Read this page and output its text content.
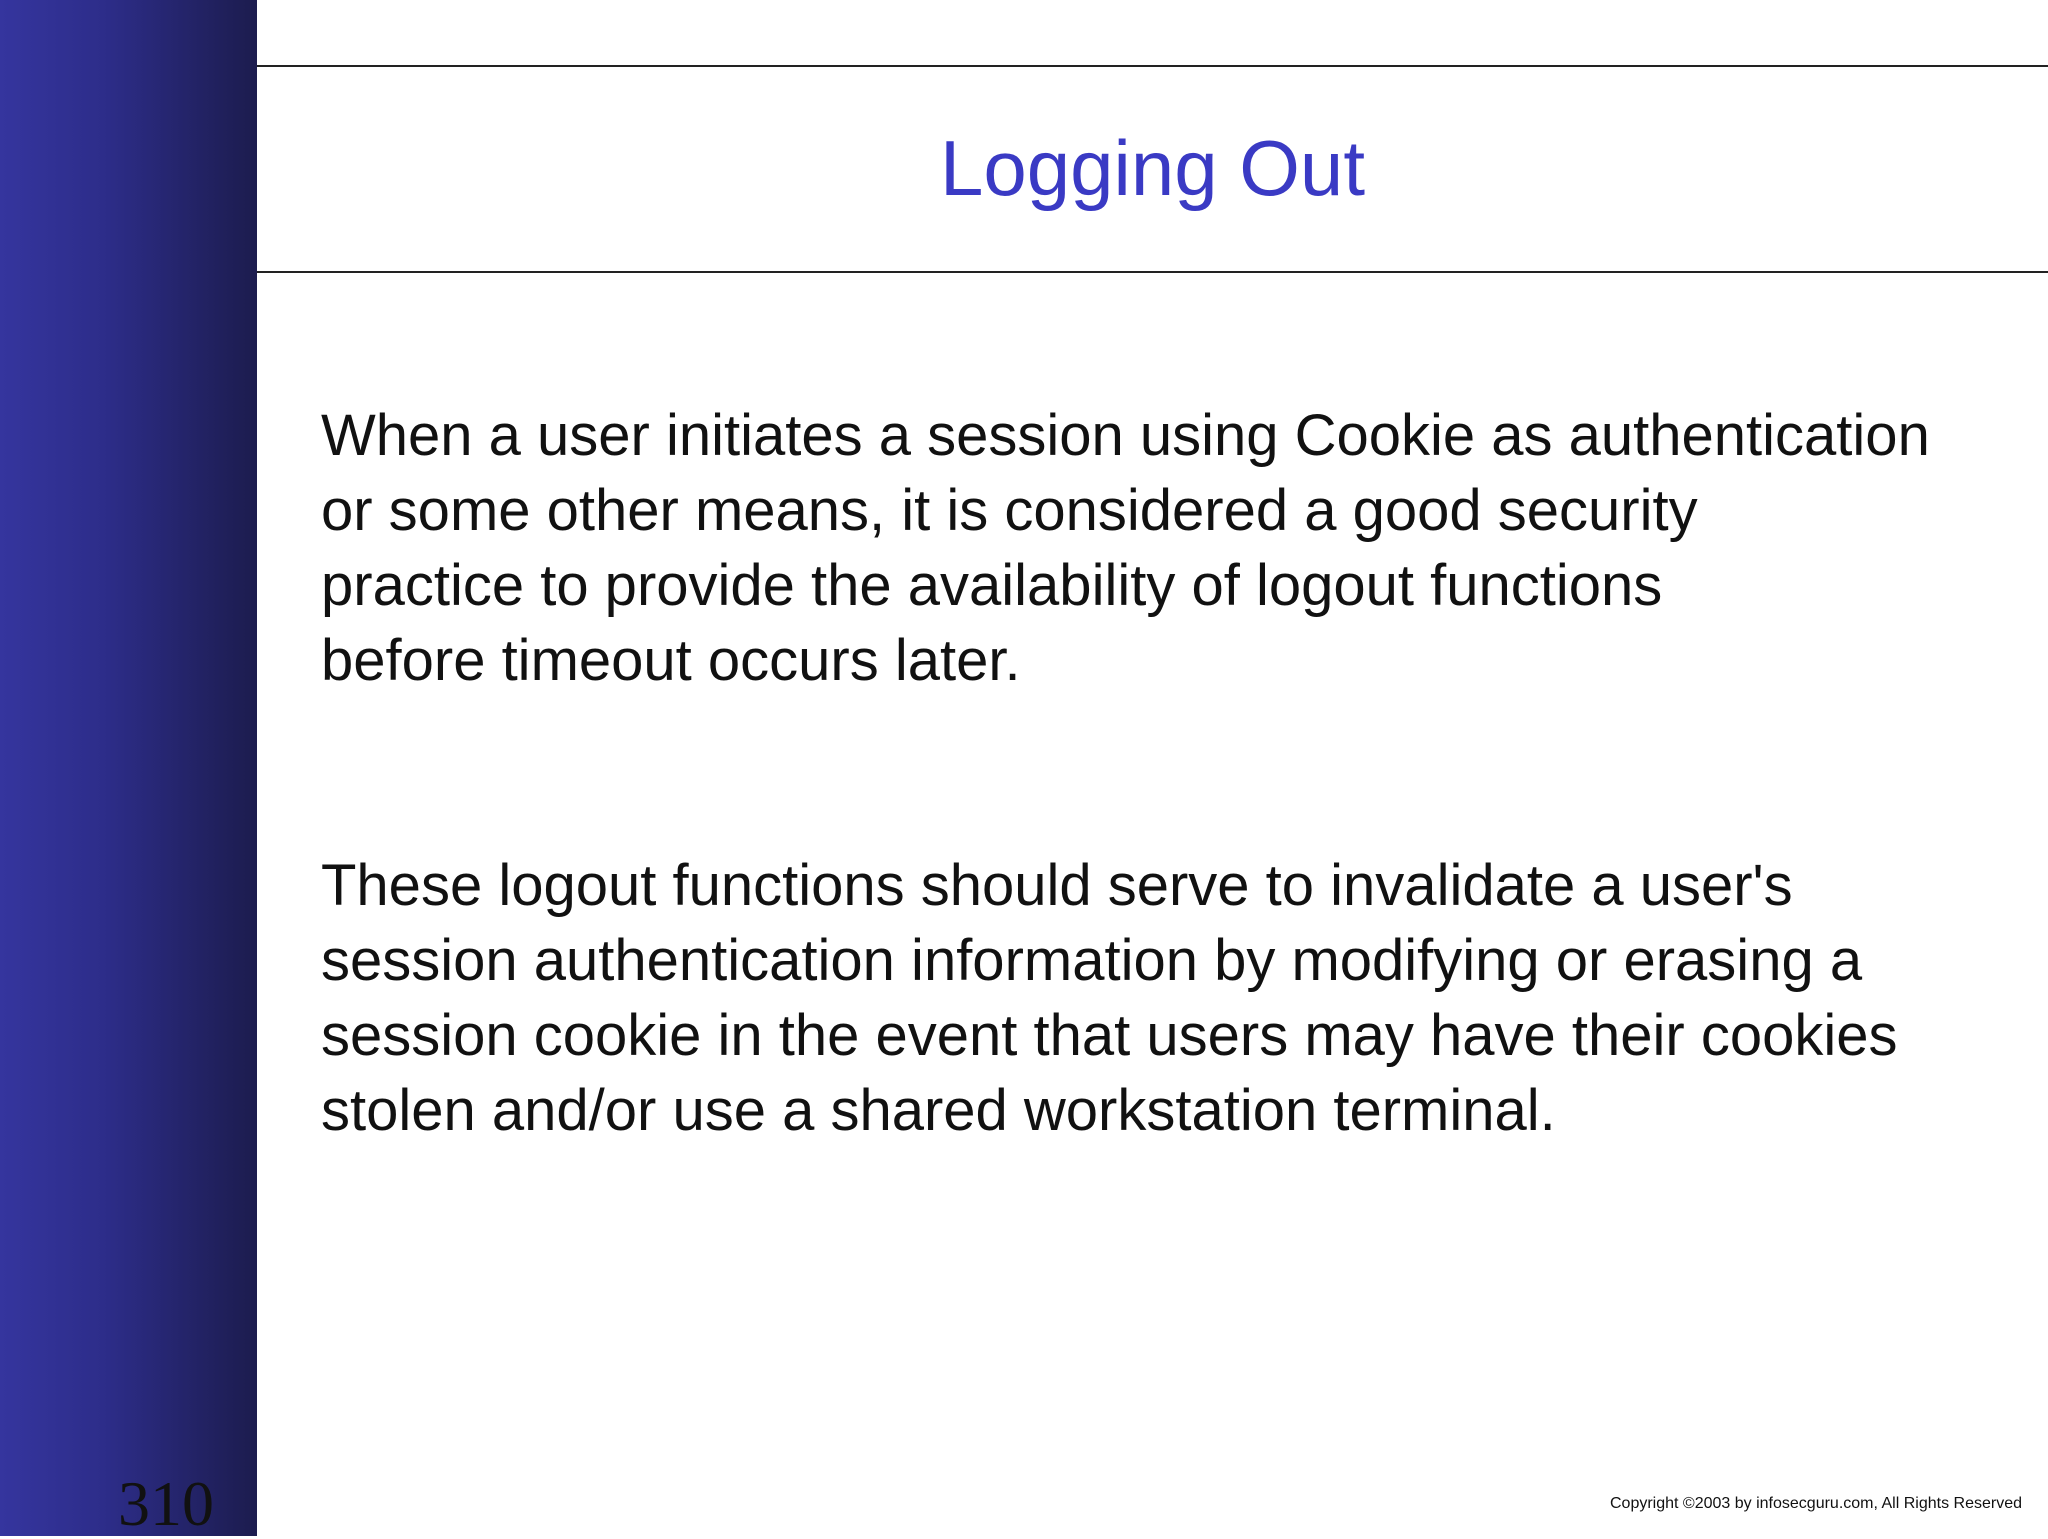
310
Logging Out

When a user initiates a session using Cookie as authentication
or some other means, it is considered a good security
practice to provide the availability of logout functions
before timeout occurs later.

These logout functions should serve to invalidate a user's
session authentication information by modifying or erasing a
session cookie in the event that users may have their cookies
stolen and/or use a shared workstation terminal.

Copyright ©2003 by infosecguru.com, All Rights Reserved
